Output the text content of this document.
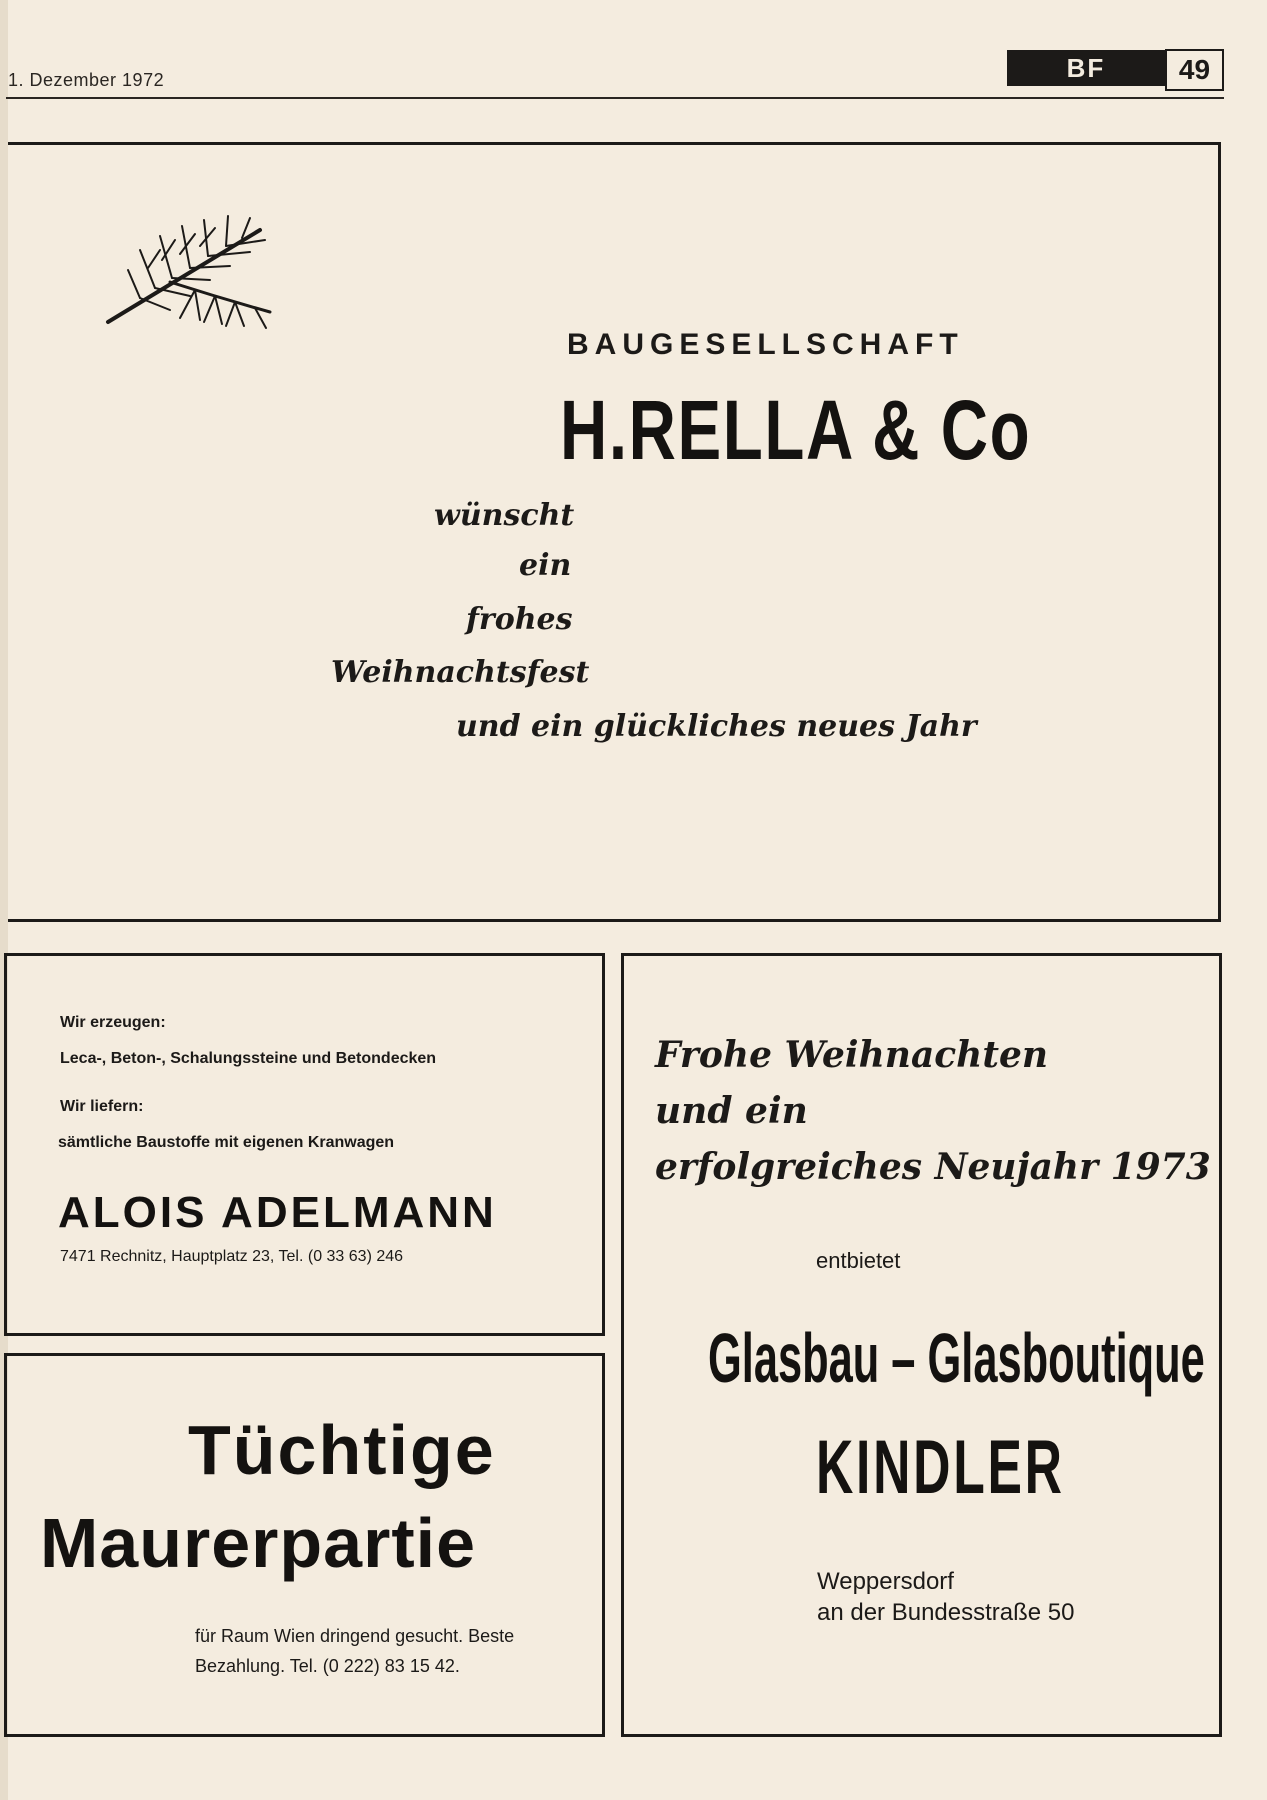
1. Dezember 1972	BF	49
BAUGESELLSCHAFT
H.RELLA & Co
wünscht
ein
frohes
Weihnachtsfest
und ein glückliches neues Jahr
Wir erzeugen:
Leca-, Beton-, Schalungssteine und Betondecken
Wir liefern:
sämtliche Baustoffe mit eigenen Kranwagen
ALOIS ADELMANN
7471 Rechnitz, Hauptplatz 23, Tel. (0 33 63) 246
Tüchtige
Maurerpartie
für Raum Wien dringend gesucht. Beste
Bezahlung. Tel. (0 222) 83 15 42.
Frohe Weihnachten
und ein
erfolgreiches Neujahr 1973
entbietet
Glasbau – Glasboutique
KINDLER
Weppersdorf
an der Bundesstraße 50
